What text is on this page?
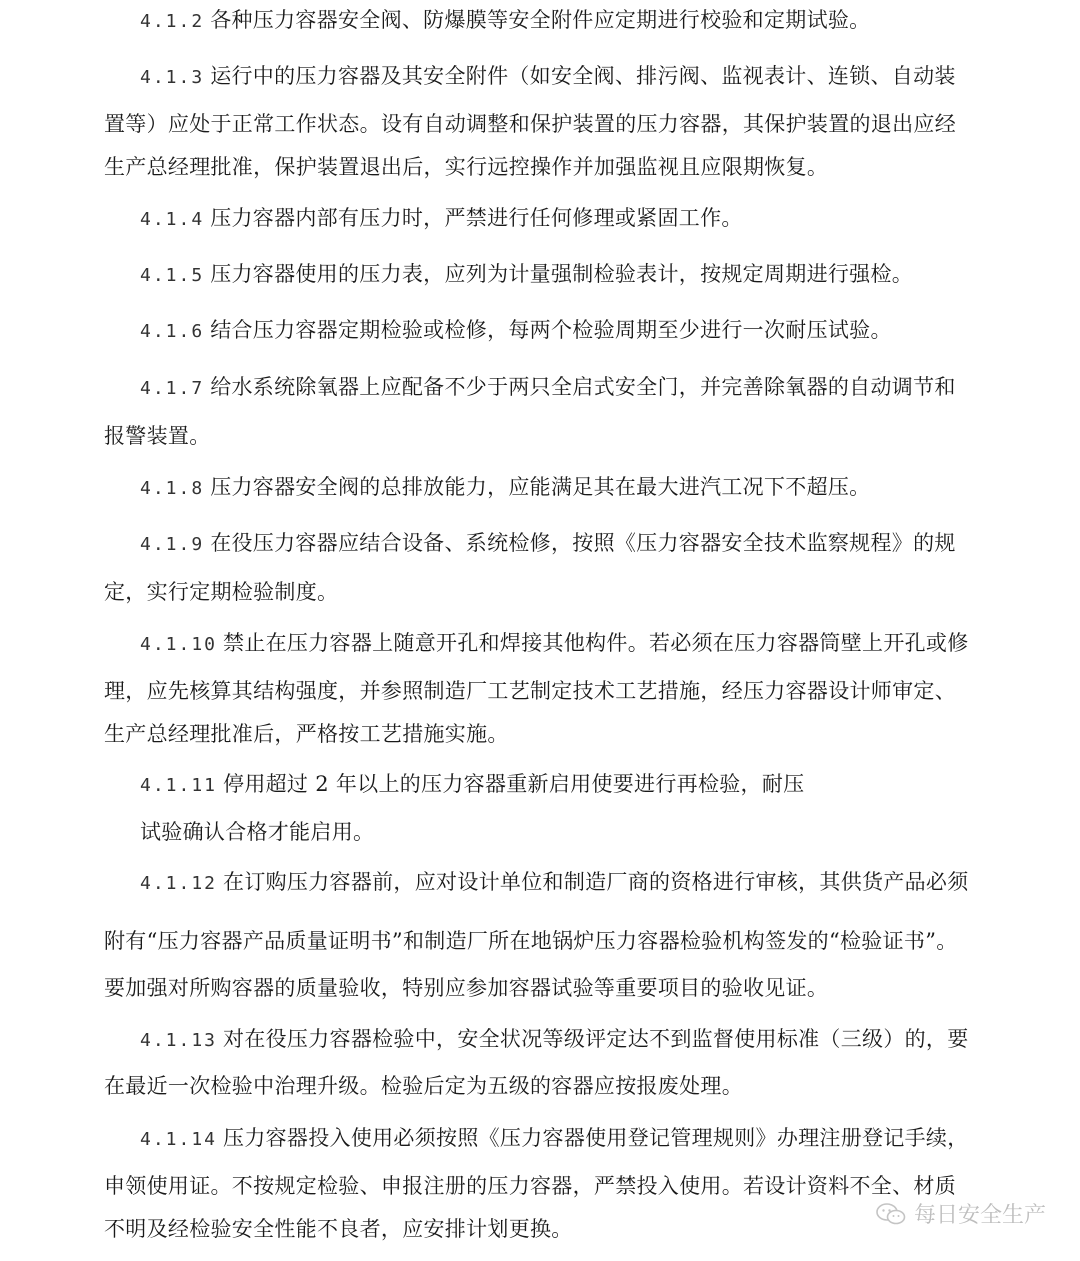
4.1.2 各种压力容器安全阀、防爆膜等安全附件应定期进行校验和定期试验。
4.1.3 运行中的压力容器及其安全附件（如安全阀、排污阀、监视表计、连锁、自动装
置等）应处于正常工作状态。设有自动调整和保护装置的压力容器，其保护装置的退出应经
生产总经理批准，保护装置退出后，实行远控操作并加强监视且应限期恢复。
4.1.4 压力容器内部有压力时，严禁进行任何修理或紧固工作。
4.1.5 压力容器使用的压力表，应列为计量强制检验表计，按规定周期进行强检。
4.1.6 结合压力容器定期检验或检修，每两个检验周期至少进行一次耐压试验。
4.1.7 给水系统除氧器上应配备不少于两只全启式安全门，并完善除氧器的自动调节和
报警装置。
4.1.8 压力容器安全阀的总排放能力，应能满足其在最大进汽工况下不超压。
4.1.9 在役压力容器应结合设备、系统检修，按照《压力容器安全技术监察规程》的规
定，实行定期检验制度。
4.1.10 禁止在压力容器上随意开孔和焊接其他构件。若必须在压力容器筒壁上开孔或修
理，应先核算其结构强度，并参照制造厂工艺制定技术工艺措施，经压力容器设计师审定、
生产总经理批准后，严格按工艺措施实施。
4.1.11 停用超过 2 年以上的压力容器重新启用使要进行再检验，耐压
试验确认合格才能启用。
4.1.12 在订购压力容器前，应对设计单位和制造厂商的资格进行审核，其供货产品必须
附有“压力容器产品质量证明书”和制造厂所在地锅炉压力容器检验机构签发的“检验证书”。
要加强对所购容器的质量验收，特别应参加容器试验等重要项目的验收见证。
4.1.13 对在役压力容器检验中，安全状况等级评定达不到监督使用标准（三级）的，要
在最近一次检验中治理升级。检验后定为五级的容器应按报废处理。
4.1.14 压力容器投入使用必须按照《压力容器使用登记管理规则》办理注册登记手续，
申领使用证。不按规定检验、申报注册的压力容器，严禁投入使用。若设计资料不全、材质
不明及经检验安全性能不良者，应安排计划更换。
每日安全生产
